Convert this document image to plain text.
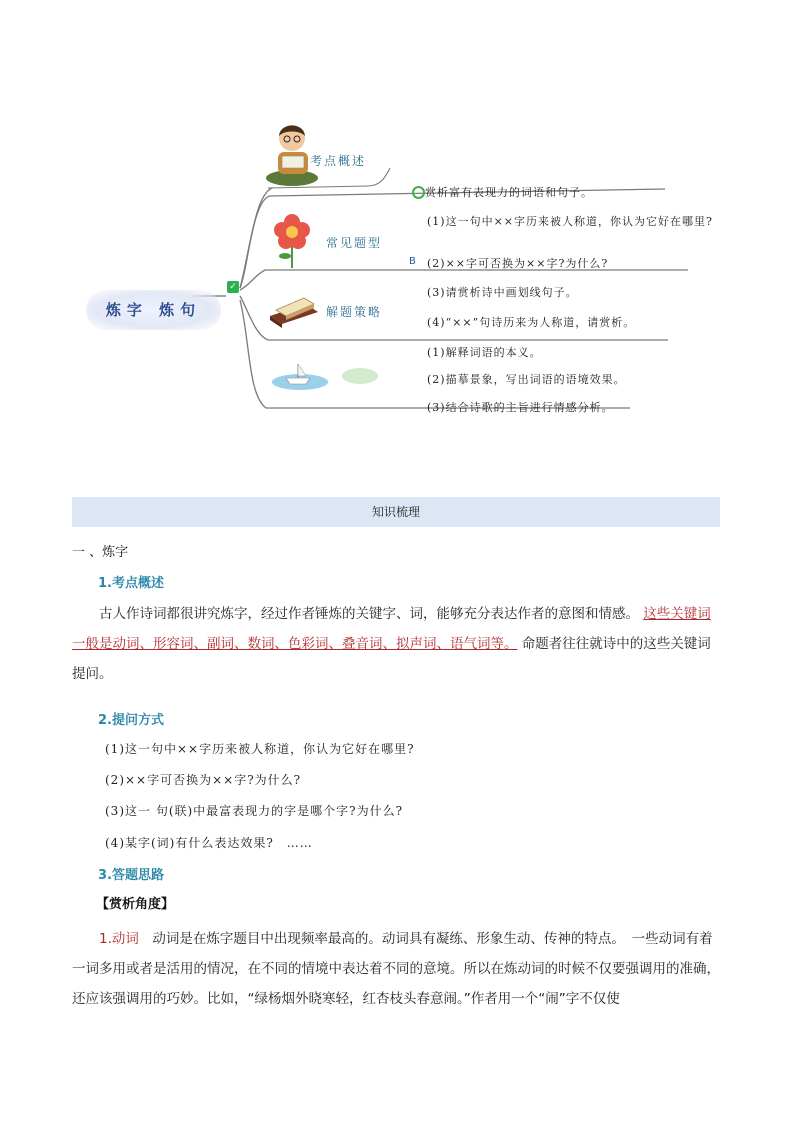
炼字 炼句
✓
考点概述
常见题型
解题策略
赏析富有表现力的词语和句子。
(1)这一句中××字历来被人称道，你认为它好在哪里?
B (2)××字可否换为××字?为什么?
(3)请赏析诗中画划线句子。
(4)“××”句诗历来为人称道，请赏析。
(1)解释词语的本义。
(2)描摹景象，写出词语的语境效果。
(3)结合诗歌的主旨进行情感分析。
知识梳理
一 、炼字
1.考点概述
古人作诗词都很讲究炼字，经过作者锤炼的关键字、词，能够充分表达作者的意图和情感。 这些关键词一般是动词、形容词、副词、数词、色彩词、叠音词、拟声词、语气词等。 命题者往往就诗中的这些关键词提问。
2.提问方式
(1)这一句中××字历来被人称道，你认为它好在哪里?
(2)××字可否换为××字?为什么?
(3)这一 句(联)中最富表现力的字是哪个字?为什么?
(4)某字(词)有什么表达效果?　……
3.答题思路
【赏析角度】
1.动词　动词是在炼字题目中出现频率最高的。动词具有凝练、形象生动、传神的特点。　一些动词有着一词多用或者是活用的情况，在不同的情境中表达着不同的意境。所以在炼动词的时候不仅要强调用的准确，还应该强调用的巧妙。比如，“绿杨烟外晓寒轻，红杏枝头春意闹。”作者用一个“闹”字不仅使
